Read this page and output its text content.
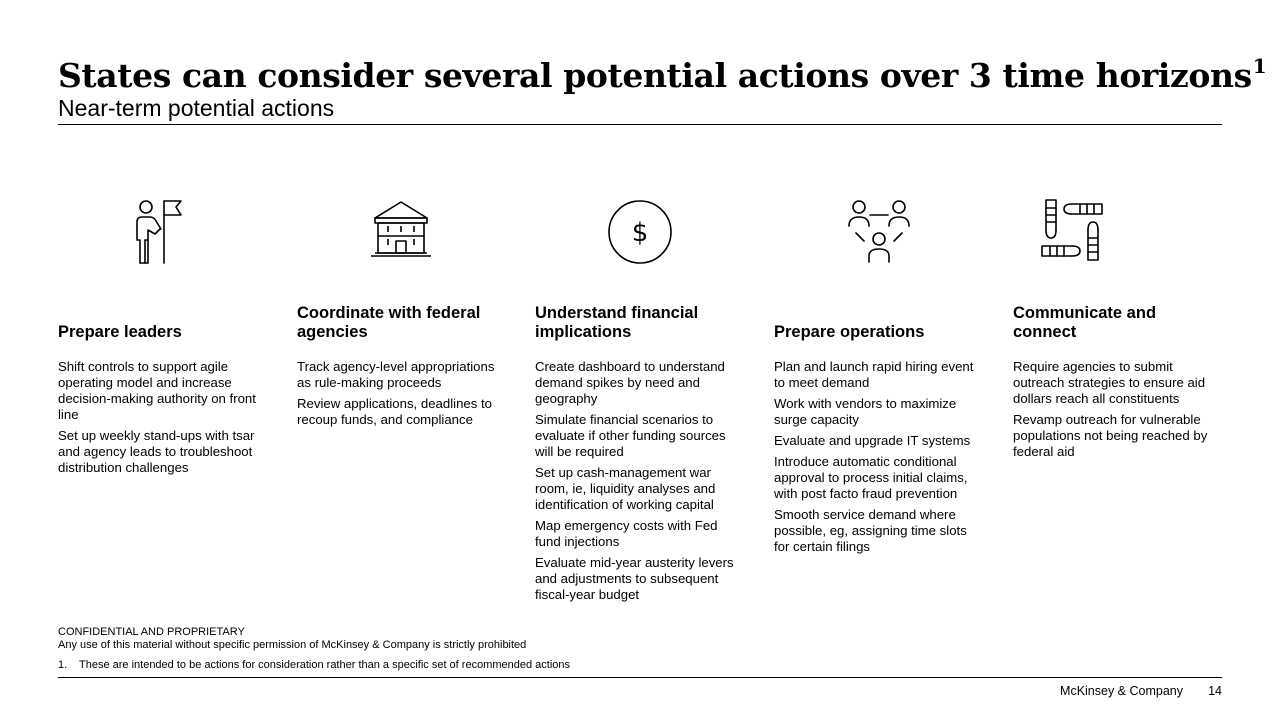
States can consider several potential actions over 3 time horizons$^1$
Near-term potential actions
Prepare leaders
Shift controls to support agile operating model and increase decision-making authority on front line
Set up weekly stand-ups with tsar and agency leads to troubleshoot distribution challenges
Coordinate with federal agencies
Track agency-level appropriations as rule-making proceeds
Review applications, deadlines to recoup funds, and compliance
$
Understand financial implications
Create dashboard to understand demand spikes by need and geography
Simulate financial scenarios to evaluate if other funding sources will be required
Set up cash-management war room, ie, liquidity analyses and identification of working capital
Map emergency costs with Fed fund injections
Evaluate mid-year austerity levers and adjustments to subsequent fiscal-year budget
Prepare operations
Plan and launch rapid hiring event to meet demand
Work with vendors to maximize surge capacity
Evaluate and upgrade IT systems
Introduce automatic conditional approval to process initial claims, with post facto fraud prevention
Smooth service demand where possible, eg, assigning time slots for certain filings
Communicate and connect
Require agencies to submit outreach strategies to ensure aid dollars reach all constituents
Revamp outreach for vulnerable populations not being reached by federal aid
CONFIDENTIAL AND PROPRIETARY
Any use of this material without specific permission of McKinsey & Company is strictly prohibited
1. These are intended to be actions for consideration rather than a specific set of recommended actions
McKinsey & Company 14
